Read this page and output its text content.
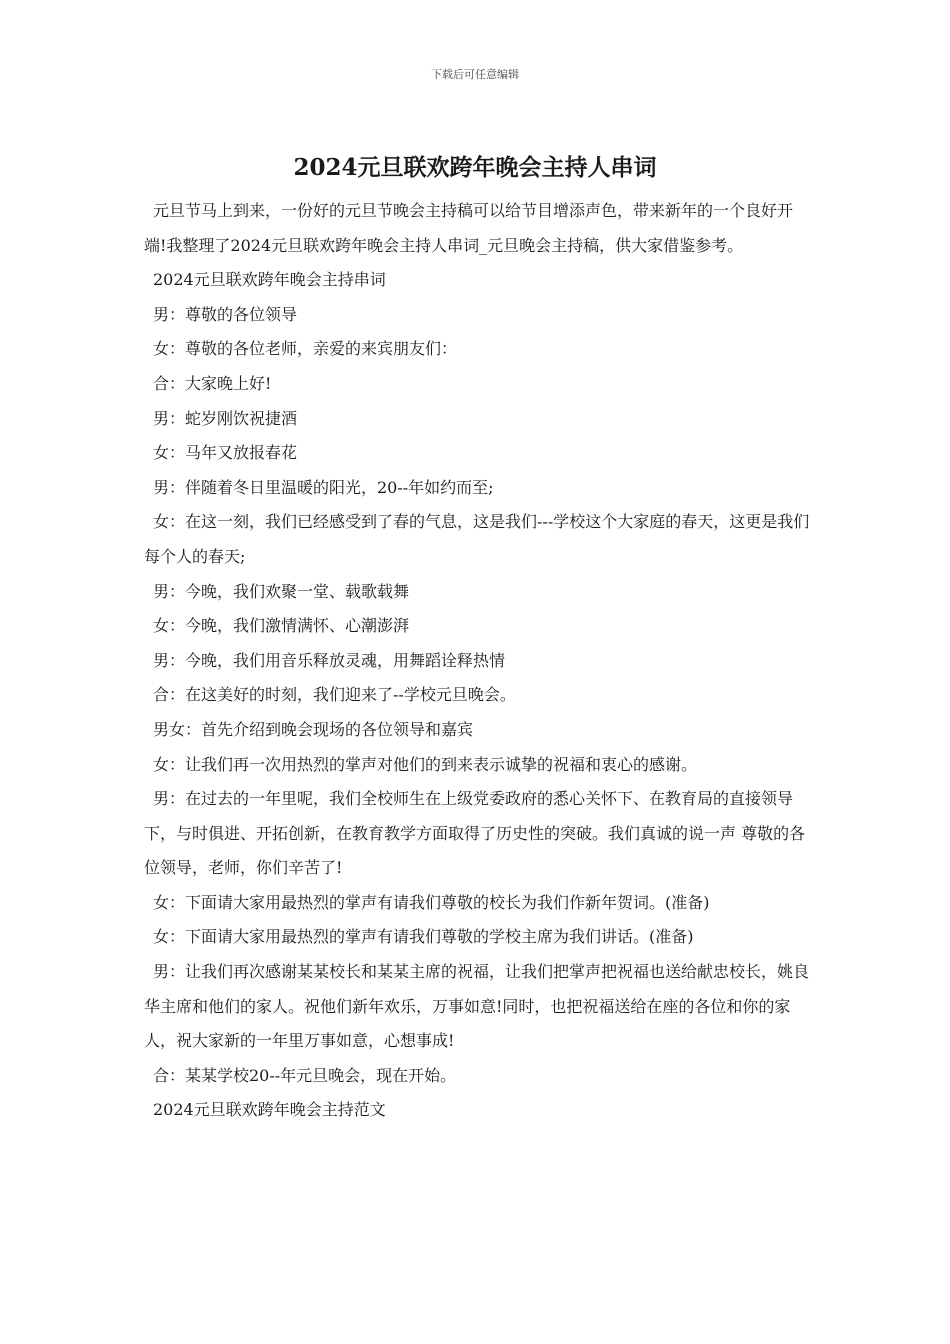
下载后可任意编辑
2024元旦联欢跨年晚会主持人串词

元旦节马上到来，一份好的元旦节晚会主持稿可以给节目增添声色，带来新年的一个良好开端!我整理了2024元旦联欢跨年晚会主持人串词_元旦晚会主持稿，供大家借鉴参考。

2024元旦联欢跨年晚会主持串词

男：尊敬的各位领导

女：尊敬的各位老师，亲爱的来宾朋友们：

合：大家晚上好!

男：蛇岁刚饮祝捷酒

女：马年又放报春花

男：伴随着冬日里温暖的阳光，20--年如约而至;

女：在这一刻，我们已经感受到了春的气息，这是我们---学校这个大家庭的春天，这更是我们每个人的春天;

男：今晚，我们欢聚一堂、载歌载舞

女：今晚，我们激情满怀、心潮澎湃

男：今晚，我们用音乐释放灵魂，用舞蹈诠释热情

合：在这美好的时刻，我们迎来了--学校元旦晚会。

男女：首先介绍到晚会现场的各位领导和嘉宾

女：让我们再一次用热烈的掌声对他们的到来表示诚挚的祝福和衷心的感谢。

男：在过去的一年里呢，我们全校师生在上级党委政府的悉心关怀下、在教育局的直接领导下，与时俱进、开拓创新，在教育教学方面取得了历史性的突破。我们真诚的说一声 尊敬的各位领导，老师，你们辛苦了!

女：下面请大家用最热烈的掌声有请我们尊敬的校长为我们作新年贺词。(准备)

女：下面请大家用最热烈的掌声有请我们尊敬的学校主席为我们讲话。(准备)

男：让我们再次感谢某某校长和某某主席的祝福，让我们把掌声把祝福也送给献忠校长，姚良华主席和他们的家人。祝他们新年欢乐，万事如意!同时，也把祝福送给在座的各位和你的家人，祝大家新的一年里万事如意，心想事成!

合：某某学校20--年元旦晚会，现在开始。

2024元旦联欢跨年晚会主持范文
